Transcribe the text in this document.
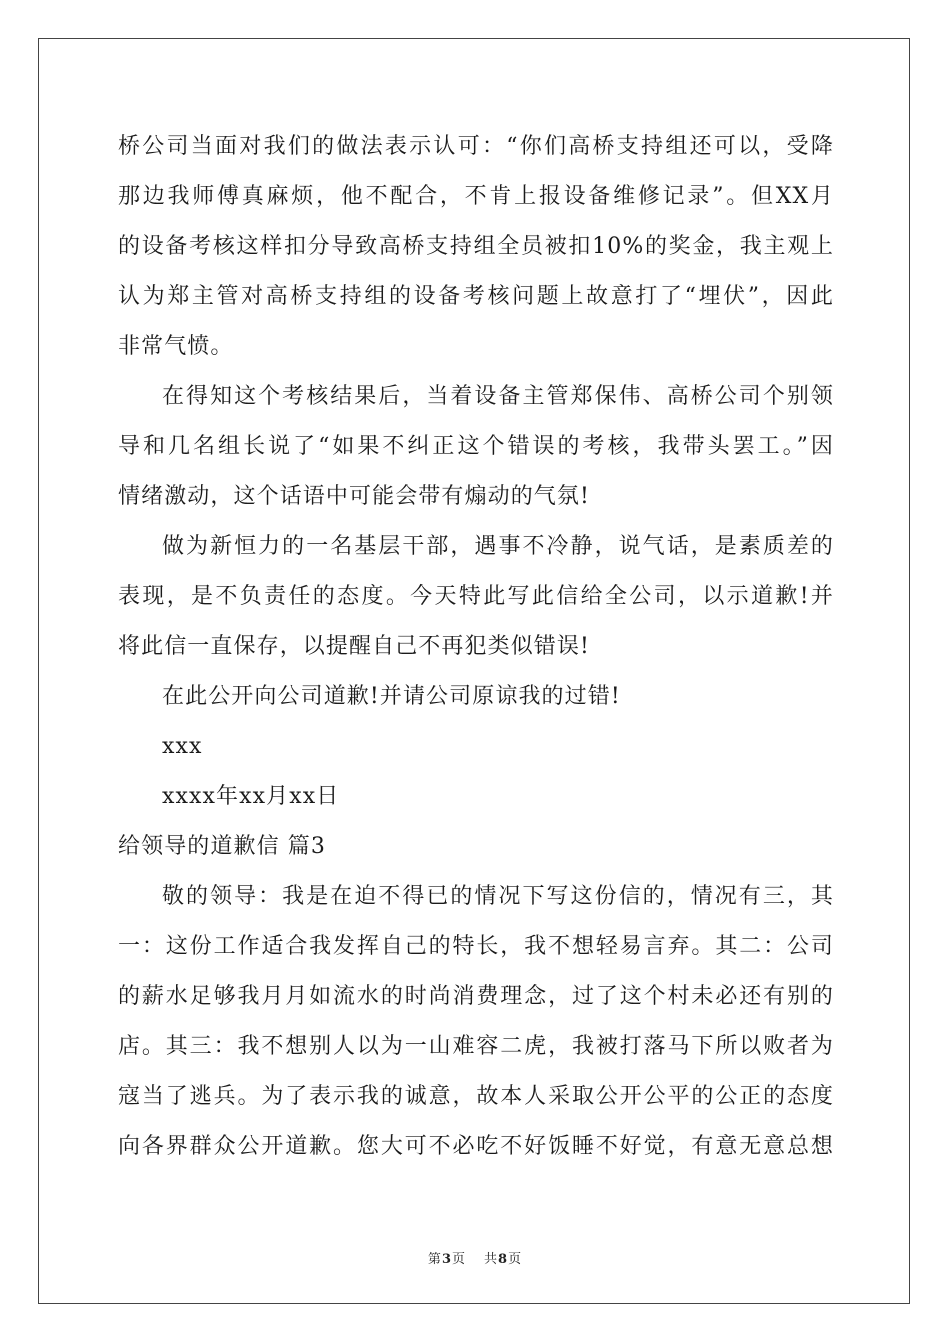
桥公司当面对我们的做法表示认可：“你们高桥支持组还可以，受降
那边我师傅真麻烦，他不配合，不肯上报设备维修记录”。但XX月
的设备考核这样扣分导致高桥支持组全员被扣10%的奖金，我主观上
认为郑主管对高桥支持组的设备考核问题上故意打了“埋伏”，因此
非常气愤。
在得知这个考核结果后，当着设备主管郑保伟、高桥公司个别领
导和几名组长说了“如果不纠正这个错误的考核，我带头罢工。”因
情绪激动，这个话语中可能会带有煽动的气氛!
做为新恒力的一名基层干部，遇事不冷静，说气话，是素质差的
表现，是不负责任的态度。今天特此写此信给全公司，以示道歉!并
将此信一直保存，以提醒自己不再犯类似错误!
在此公开向公司道歉!并请公司原谅我的过错!
xxx
xxxx年xx月xx日
给领导的道歉信 篇3
敬的领导：我是在迫不得已的情况下写这份信的，情况有三，其
一：这份工作适合我发挥自己的特长，我不想轻易言弃。其二：公司
的薪水足够我月月如流水的时尚消费理念，过了这个村未必还有别的
店。其三：我不想别人以为一山难容二虎，我被打落马下所以败者为
寇当了逃兵。为了表示我的诚意，故本人采取公开公平的公正的态度
向各界群众公开道歉。您大可不必吃不好饭睡不好觉，有意无意总想
第3页 共8页
